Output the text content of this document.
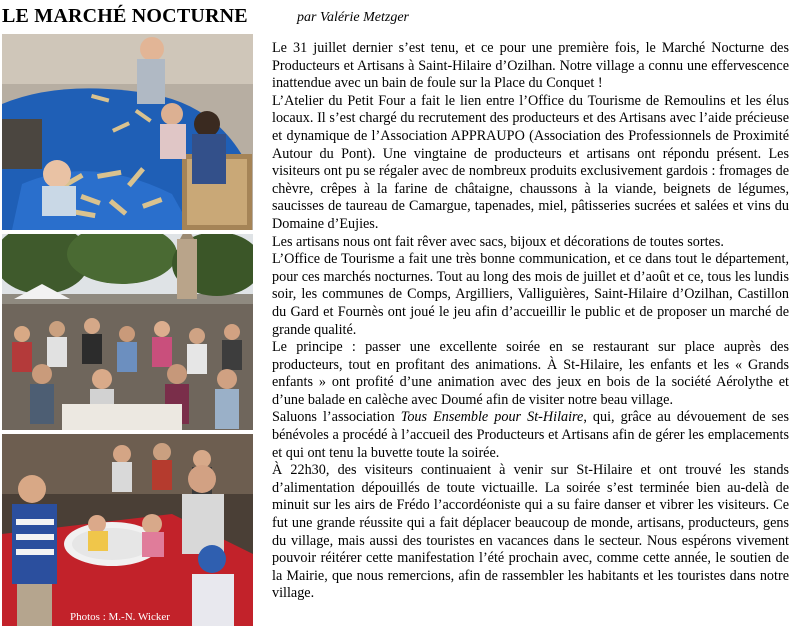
LE MARCHÉ NOCTURNE	par Valérie Metzger
Photos : M.-N. Wicker

Le 31 juillet dernier s’est tenu, et ce pour une première fois, le Marché Nocturne des Producteurs et Artisans à Saint-Hilaire d’Ozilhan. Notre village a connu une effervescence inattendue avec un bain de foule sur la Place du Conquet !

L’Atelier du Petit Four a fait le lien entre l’Office du Tourisme de Remoulins et les élus locaux. Il s’est chargé du recrutement des producteurs et des Artisans avec l’aide précieuse et dynamique de l’Association APPRAUPO (Association des Professionnels de Proximité Autour du Pont). Une vingtaine de producteurs et artisans ont répondu présent. Les visiteurs ont pu se régaler avec de nombreux produits exclusivement gardois : fromages de chèvre, crêpes à la farine de châtaigne, chaussons à la viande, beignets de légumes, saucisses de taureau de Camargue, tapenades, miel, pâtisseries sucrées et salées et vins du Domaine d’Eujies.

Les artisans nous ont fait rêver avec sacs, bijoux et décorations de toutes sortes.

L’Office de Tourisme a fait une très bonne communication, et ce dans tout le département, pour ces marchés nocturnes. Tout au long des mois de juillet et d’août et ce, tous les lundis soir, les communes de Comps, Argilliers, Valliguières, Saint-Hilaire d’Ozilhan, Castillon du Gard et Fournès ont joué le jeu afin d’accueillir le public et de proposer un marché de grande qualité.

Le principe : passer une excellente soirée en se restaurant sur place auprès des producteurs, tout en profitant des animations. À St-Hilaire, les enfants et les « Grands enfants » ont profité d’une animation avec des jeux en bois de la société Aérolythe et d’une balade en calèche avec Doumé afin de visiter notre beau village.

Saluons l’association Tous Ensemble pour St-Hilaire, qui, grâce au dévouement de ses bénévoles a procédé à l’accueil des Producteurs et Artisans afin de gérer les emplacements et qui ont tenu la buvette toute la soirée.

À 22h30, des visiteurs continuaient à venir sur St-Hilaire et ont trouvé les stands d’alimentation dépouillés de toute victuaille. La soirée s’est terminée bien au-delà de minuit sur les airs de Frédo l’accordéoniste qui a su faire danser et vibrer les visiteurs. Ce fut une grande réussite qui a fait déplacer beaucoup de monde, artisans, producteurs, gens du village, mais aussi des touristes en vacances dans le secteur. Nous espérons vivement pouvoir réitérer cette manifestation l’été prochain avec, comme cette année, le soutien de la Mairie, que nous remercions, afin de rassembler les habitants et les touristes dans notre village.
